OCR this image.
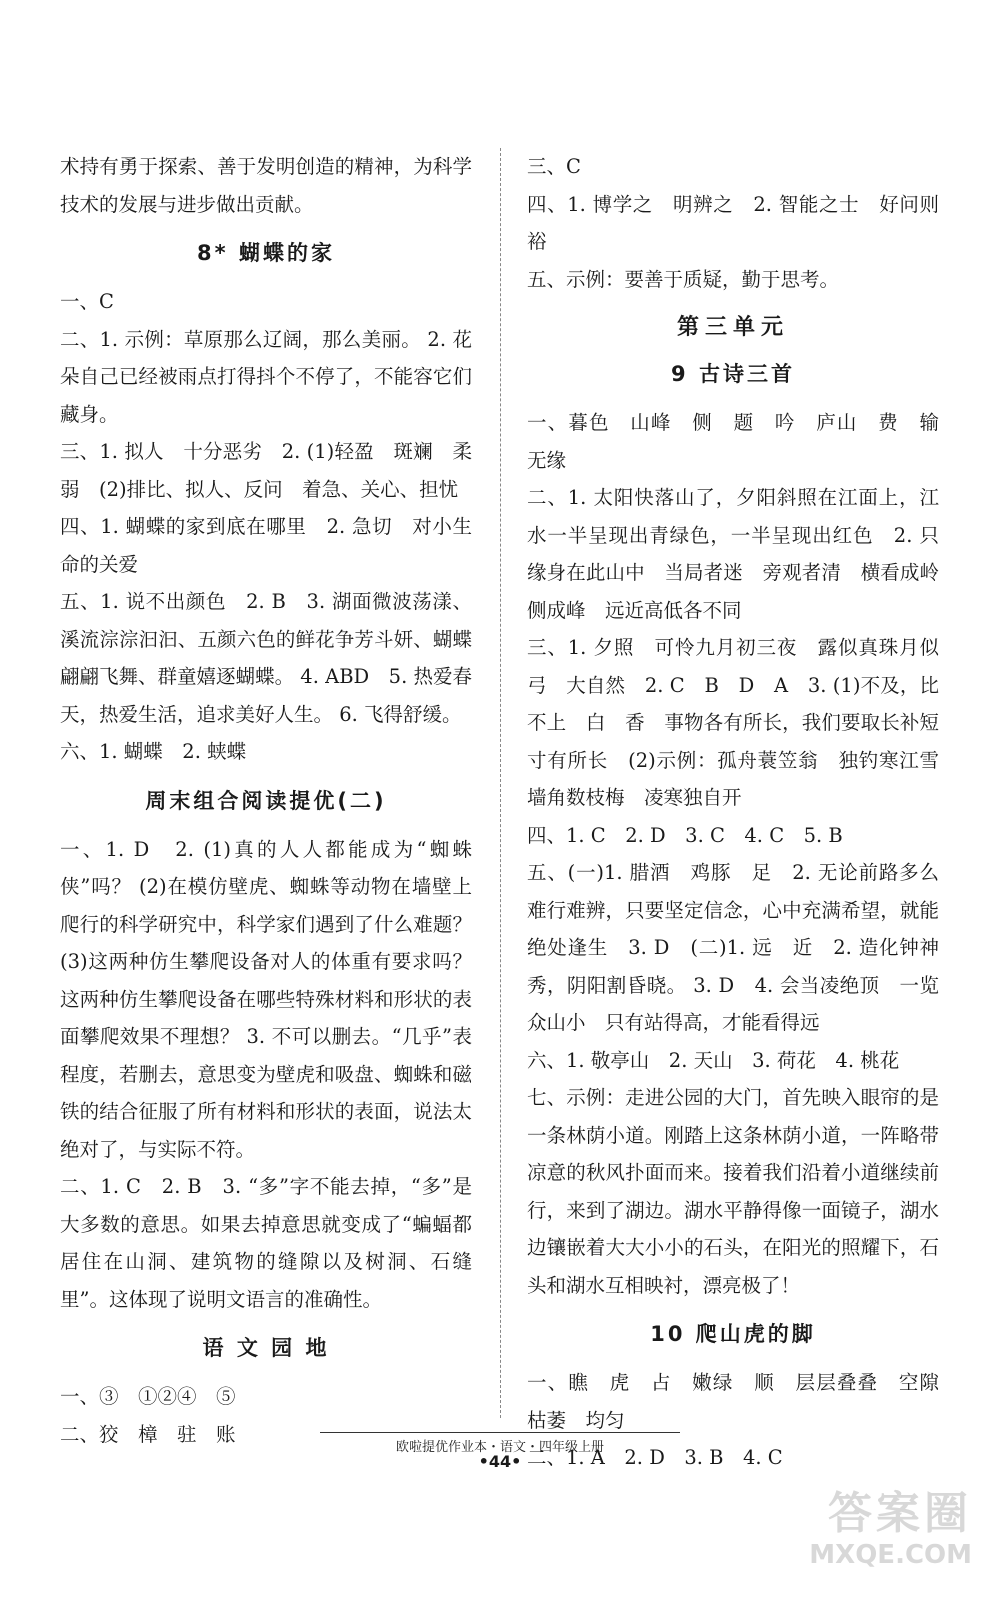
术持有勇于探索、善于发明创造的精神，为科学技术的发展与进步做出贡献。
8* 蝴蝶的家
一、C
二、1. 示例：草原那么辽阔，那么美丽。 2. 花朵自己已经被雨点打得抖个不停了，不能容它们藏身。
三、1. 拟人　十分恶劣　2. (1)轻盈　斑斓　柔弱　(2)排比、拟人、反问　着急、关心、担忧
四、1. 蝴蝶的家到底在哪里　2. 急切　对小生命的关爱
五、1. 说不出颜色　2. B　3. 湖面微波荡漾、溪流淙淙汩汩、五颜六色的鲜花争芳斗妍、蝴蝶翩翩飞舞、群童嬉逐蝴蝶。 4. ABD　5. 热爱春天，热爱生活，追求美好人生。 6. 飞得舒缓。
六、1. 蝴蝶　2. 蛱蝶
周末组合阅读提优(二)
一、1. D　2. (1)真的人人都能成为“蜘蛛侠”吗？ (2)在模仿壁虎、蜘蛛等动物在墙壁上爬行的科学研究中，科学家们遇到了什么难题？ (3)这两种仿生攀爬设备对人的体重有要求吗？这两种仿生攀爬设备在哪些特殊材料和形状的表面攀爬效果不理想？ 3. 不可以删去。“几乎”表程度，若删去，意思变为壁虎和吸盘、蜘蛛和磁铁的结合征服了所有材料和形状的表面，说法太绝对了，与实际不符。
二、1. C　2. B　3. “多”字不能去掉，“多”是大多数的意思。如果去掉意思就变成了“蝙蝠都居住在山洞、建筑物的缝隙以及树洞、石缝里”。这体现了说明文语言的准确性。
语 文 园 地
一、③　①②④　⑤
二、狡　樟　驻　账
三、C
四、1. 博学之　明辨之　2. 智能之士　好问则裕
五、示例：要善于质疑，勤于思考。
第三单元
9 古诗三首
一、暮色　山峰　侧　题　吟　庐山　费　输　无缘
二、1. 太阳快落山了，夕阳斜照在江面上，江水一半呈现出青绿色，一半呈现出红色　2. 只缘身在此山中　当局者迷　旁观者清　横看成岭侧成峰　远近高低各不同
三、1. 夕照　可怜九月初三夜　露似真珠月似弓　大自然　2. C　B　D　A　3. (1)不及，比不上　白　香　事物各有所长，我们要取长补短　寸有所长　(2)示例：孤舟蓑笠翁　独钓寒江雪　墙角数枝梅　凌寒独自开
四、1. C　2. D　3. C　4. C　5. B
五、(一)1. 腊酒　鸡豚　足　2. 无论前路多么难行难辨，只要坚定信念，心中充满希望，就能绝处逢生　3. D　(二)1. 远　近　2. 造化钟神秀，阴阳割昏晓。 3. D　4. 会当凌绝顶　一览众山小　只有站得高，才能看得远
六、1. 敬亭山　2. 天山　3. 荷花　4. 桃花
七、示例：走进公园的大门，首先映入眼帘的是一条林荫小道。刚踏上这条林荫小道，一阵略带凉意的秋风扑面而来。接着我们沿着小道继续前行，来到了湖边。湖水平静得像一面镜子，湖水边镶嵌着大大小小的石头，在阳光的照耀下，石头和湖水互相映衬，漂亮极了！
10 爬山虎的脚
一、瞧　虎　占　嫩绿　顺　层层叠叠　空隙　枯萎　均匀
二、1. A　2. D　3. B　4. C
欧啦提优作业本・语文・四年级上册
•44•
答案圈
MXQE.COM
